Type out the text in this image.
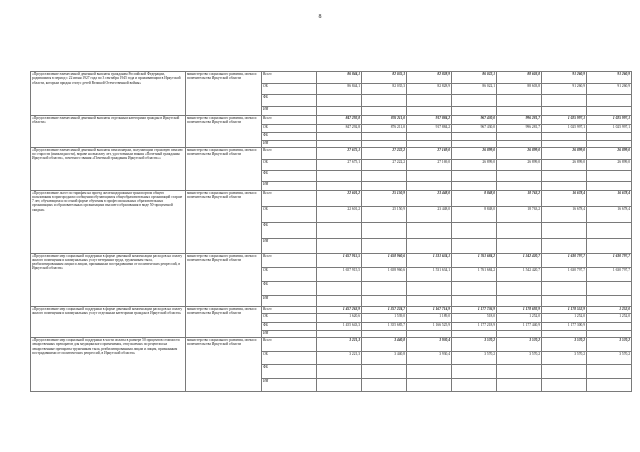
8
«Предоставление ежемесячной денежной выплаты гражданам Российской Федерации, родившимся в период с 22 июня 1927 года по 3 сентября 1945 года и проживающим в Иркутской области, которым придан статус детей Великой Отечественной войны»	министерство социального развития, опеки и попечительства Иркутской области	Всего	86 844,1	82 035,3	82 828,9	86 022,1	88 603,8	91 260,9	91 260,9
		ОБ	86 844,1	82 035,3	82 828,9	86 022,1	88 603,8	91 260,9	91 260,9
		ФБ							
		ИИ							
«Предоставление ежемесячной денежной выплаты отдельным категориям граждан в Иркутской области»	министерство социального развития, опеки и попечительства Иркутской области	Всего	847 292,8	876 211,0	917 884,2	967 430,0	996 281,7	1 025 997,1	1 025 997,1
		ОБ	847 292,8	876 211,0	917 884,2	967 430,0	996 281,7	1 025 997,1	1 025 997,1
		ФБ							
		ИИ							
«Предоставление ежемесячной денежной выплаты пенсионерам, получающим страховую пенсию по старости (инвалидности), вправе на выплату лет, удостоенным звания «Почетный гражданин Иркутской области», почетного звания «Почетный гражданин Иркутской области»»	министерство социального развития, опеки и попечительства Иркутской области	Всего	27 675,1	27 222,2	27 169,0	26 899,0	26 899,0	26 899,0	26 899,0
		ОБ	27 675,1	27 222,2	27 169,0	26 899,0	26 899,0	26 899,0	26 899,0
		ФБ							
		ИИ							
«Предоставление льгот по тарифам на проезд железнодорожным транспортом общего пользования в пригородном сообщении обучающимся общеобразовательных организаций старше 7 лет, обучающимся по очной форме обучения в профессиональных образовательных организациях и образовательных организациях высшего образования в виде 50-процентной скидки»	министерство социального развития, опеки и попечительства Иркутской области	Всего	22 601,2	25 150,9	23 448,0	8 848,0	18 763,2	16 678,4	16 678,4
		ОБ	22 601,2	25 150,9	23 448,0	8 848,0	18 763,2	16 678,4	16 678,4
		ФБ							
		ИИ							
«Предоставление мер социальной поддержки в форме денежной компенсации расходов на оплату жилого помещения и коммунальных услуг ветеранам труда, труженикам тыла, реабилитированным лицам и лицам, признанным пострадавшими от политических репрессий, в Иркутской области»	министерство социального развития, опеки и попечительства Иркутской области	Всего	1 657 915,5	1 658 960,6	1 531 634,1	1 761 684,2	1 542 420,7	1 630 797,7	1 630 797,7
		ОБ	1 657 915,5	1 658 960,6	1 531 634,1	1 761 684,2	1 542 420,7	1 630 797,7	1 630 797,7
		ФБ							
		ИИ							
«Предоставление мер социальной поддержки в форме денежной компенсации расходов на оплату жилого помещения и коммунальных услуг отдельным категориям граждан в Иркутской области»	министерство социального развития, опеки и попечительства Иркутской области	Всего	1 457 263,9	1 357 224,7	1 167 714,9	1 177 736,9	1 178 692,9	1 178 552,9	1 252,0
		ОБ	1 620,6	1 539,0	1 189,0	518,0	1 252,0	1 252,0	1 252,0
		ФБ	1 455 643,3	1 355 685,7	1 166 525,9	1 177 218,9	1 177 440,9	1 177 300,9	
		ИИ							
«Предоставление мер социальной поддержки в части оплаты в размере 50 процентов стоимости лекарственных препаратов для медицинского применения, отпускаемых по рецептам на лекарственные препараты труженикам тыла, реабилитированным лицам и лицам, признанным пострадавшими от политических репрессий, в Иркутской области»	министерство социального развития, опеки и попечительства Иркутской области	Всего	3 221,3	3 440,8	3 930,4	3 570,2	3 570,2	3 570,2	3 570,2
		ОБ	3 221,3	3 440,8	3 930,4	3 570,2	3 570,2	3 570,2	3 570,2
		ФБ							
		ИИ							
